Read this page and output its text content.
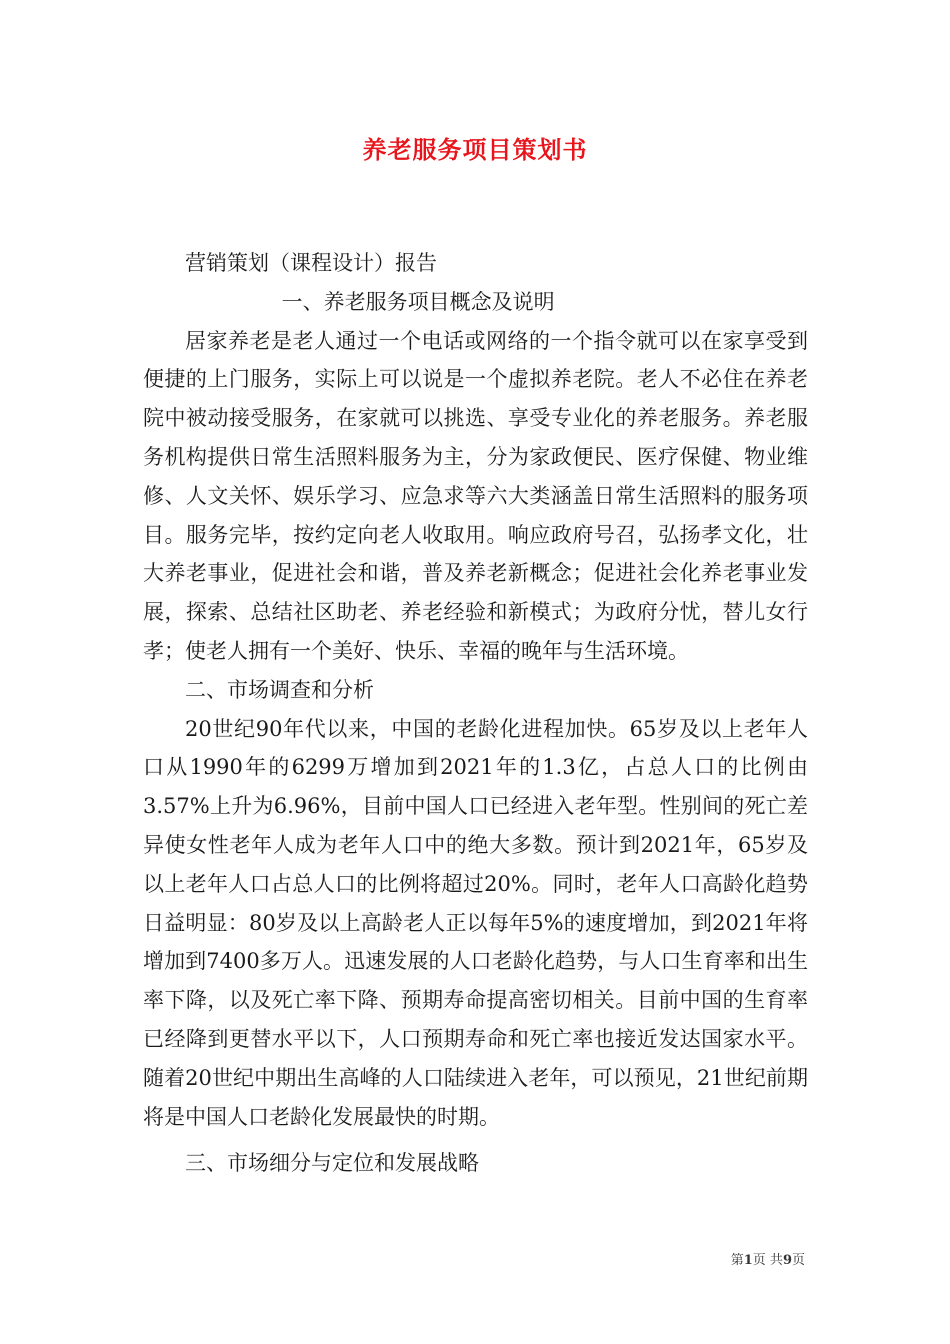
养老服务项目策划书

营销策划（课程设计）报告

一、养老服务项目概念及说明

居家养老是老人通过一个电话或网络的一个指令就可以在家享受到便捷的上门服务，实际上可以说是一个虚拟养老院。老人不必住在养老院中被动接受服务，在家就可以挑选、享受专业化的养老服务。养老服务机构提供日常生活照料服务为主，分为家政便民、医疗保健、物业维修、人文关怀、娱乐学习、应急求等六大类涵盖日常生活照料的服务项目。服务完毕，按约定向老人收取用。响应政府号召，弘扬孝文化，壮大养老事业，促进社会和谐，普及养老新概念；促进社会化养老事业发展，探索、总结社区助老、养老经验和新模式；为政府分忧，替儿女行孝；使老人拥有一个美好、快乐、幸福的晚年与生活环境。

二、市场调查和分析

20世纪90年代以来，中国的老龄化进程加快。65岁及以上老年人口从1990年的6299万增加到2021年的1.3亿，占总人口的比例由3.57%上升为6.96%，目前中国人口已经进入老年型。性别间的死亡差异使女性老年人成为老年人口中的绝大多数。预计到2021年，65岁及以上老年人口占总人口的比例将超过20%。同时，老年人口高龄化趋势日益明显：80岁及以上高龄老人正以每年5%的速度增加，到2021年将增加到7400多万人。迅速发展的人口老龄化趋势，与人口生育率和出生率下降，以及死亡率下降、预期寿命提高密切相关。目前中国的生育率已经降到更替水平以下，人口预期寿命和死亡率也接近发达国家水平。随着20世纪中期出生高峰的人口陆续进入老年，可以预见，21世纪前期将是中国人口老龄化发展最快的时期。

三、市场细分与定位和发展战略

第1页 共9页
